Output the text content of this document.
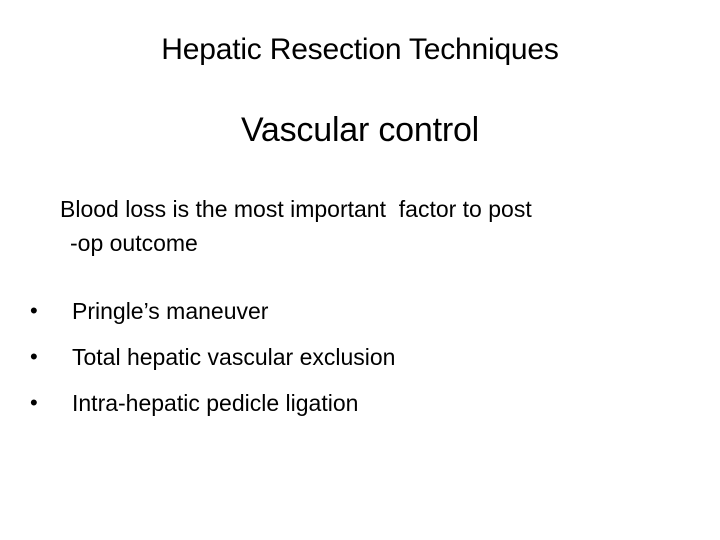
Hepatic Resection Techniques
Vascular control
Blood loss is the most important  factor to post
-op outcome
•	Pringle’s maneuver
•	Total hepatic vascular exclusion
•	Intra-hepatic pedicle ligation
